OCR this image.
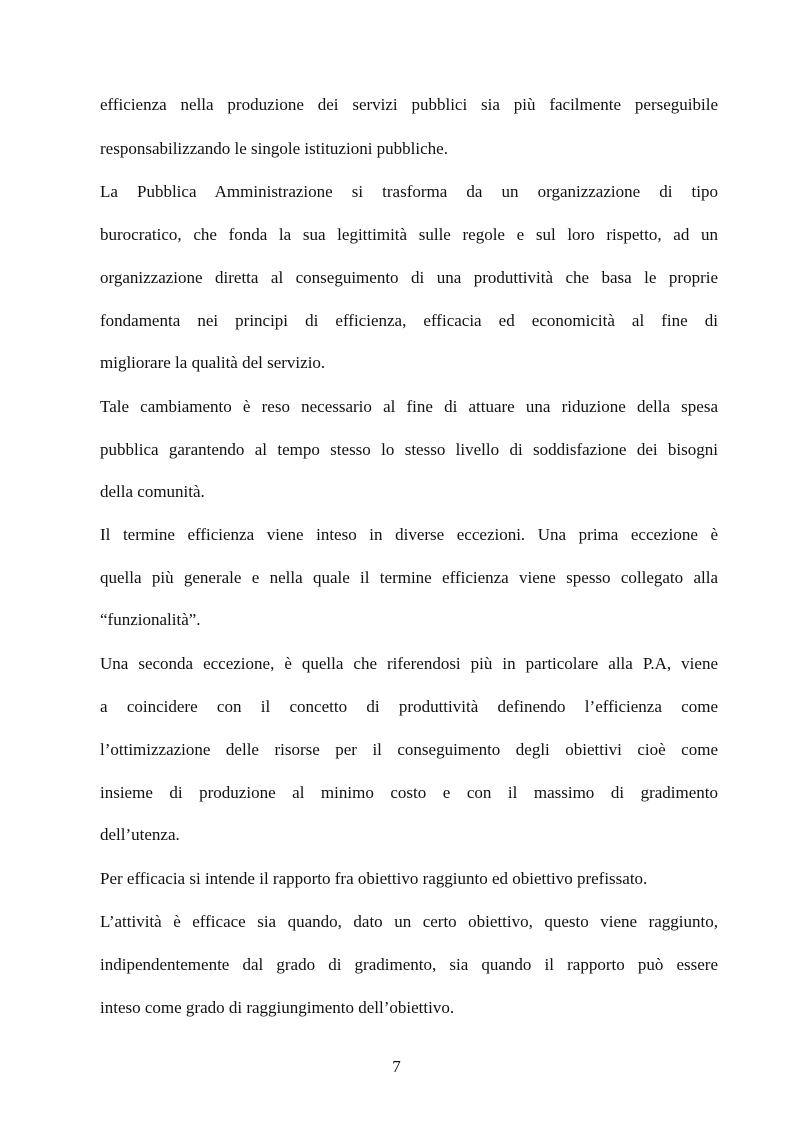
efficienza nella produzione dei servizi pubblici sia più facilmente perseguibile
responsabilizzando le singole istituzioni pubbliche.
La Pubblica Amministrazione si trasforma da un organizzazione di tipo
burocratico, che fonda la sua legittimità sulle regole e sul loro rispetto, ad un
organizzazione diretta al conseguimento di una produttività che basa le proprie
fondamenta nei principi di efficienza, efficacia ed economicità al fine di
migliorare la qualità del servizio.
Tale cambiamento è reso necessario al fine di attuare una riduzione della spesa
pubblica garantendo al tempo stesso lo stesso livello di soddisfazione dei bisogni
della comunità.
Il termine efficienza viene inteso in diverse eccezioni. Una prima eccezione è
quella più generale e nella quale il termine efficienza viene spesso collegato alla
“funzionalità”.
Una seconda eccezione, è quella che riferendosi più in particolare alla P.A, viene
a coincidere con il concetto di produttività definendo l’efficienza come
l’ottimizzazione delle risorse per il conseguimento degli obiettivi cioè come
insieme di produzione al minimo costo e con il massimo di gradimento
dell’utenza.
Per efficacia si intende il rapporto fra obiettivo raggiunto ed obiettivo prefissato.
L’attività è efficace sia quando, dato un certo obiettivo, questo viene raggiunto,
indipendentemente dal grado di gradimento, sia quando il rapporto può essere
inteso come grado di raggiungimento dell’obiettivo.
7
